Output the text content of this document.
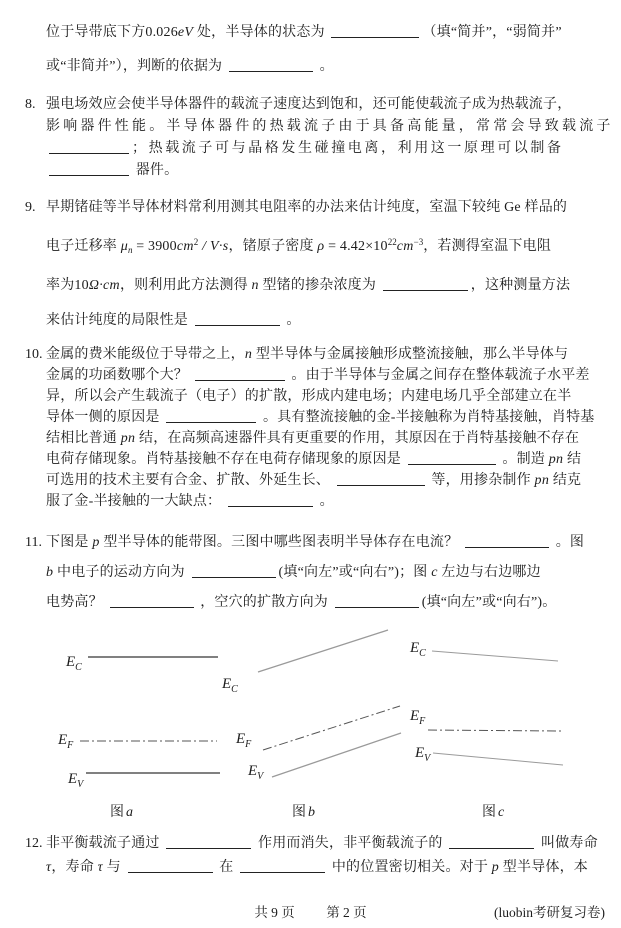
位于导带底下方0.026eV 处，半导体的状态为	（填“简并”，“弱简并”
或“非简并”），判断的依据为	。
8. 强电场效应会使半导体器件的载流子速度达到饱和，还可能使载流子成为热载流子，
影响器件性能。半导体器件的热载流子由于具备高能量，常常会导致载流子
；热载流子可与晶格发生碰撞电离，利用这一原理可以制备
器件。
9. 早期锗硅等半导体材料常利用测其电阻率的办法来估计纯度，室温下较纯 Ge 样品的
电子迁移率 $\mu_n = 3900cm^2 / V\cdot s$，锗原子密度 $\rho = 4.42\times 10^{22}cm^{-3}$，若测得室温下电阻
率为10Ω·cm，则利用此方法测得 n 型锗的掺杂浓度为	，这种测量方法
来估计纯度的局限性是	。
10. 金属的费米能级位于导带之上，n 型半导体与金属接触形成整流接触，那么半导体与
金属的功函数哪个大？	。由于半导体与金属之间存在整体载流子水平差
异，所以会产生载流子（电子）的扩散，形成内建电场；内建电场几乎全部建立在半
导体一侧的原因是	。具有整流接触的金-半接触称为肖特基接触，肖特基
结相比普通 pn 结，在高频高速器件具有更重要的作用，其原因在于肖特基接触不存在
电荷存储现象。肖特基接触不存在电荷存储现象的原因是	。制造 pn 结
可选用的技术主要有合金、扩散、外延生长、	等，用掺杂制作 pn 结克
服了金-半接触的一大缺点：	。
11. 下图是 p 型半导体的能带图。三图中哪些图表明半导体存在电流？	。图
b 中电子的运动方向为	(填“向左”或“向右”)；图 c 左边与右边哪边
电势高？	，空穴的扩散方向为	(填“向左”或“向右”)。
$E_C$
$E_F$
$E_V$
$E_C$
$E_F$
$E_V$
$E_C$
$E_F$
$E_V$
图 a	图 b	图 c
12. 非平衡载流子通过	作用而消失，非平衡载流子的	叫做寿命
τ，寿命 τ 与	在	中的位置密切相关。对于 p 型半导体，本
共 9 页 第 2 页	(luobin考研复习卷)
